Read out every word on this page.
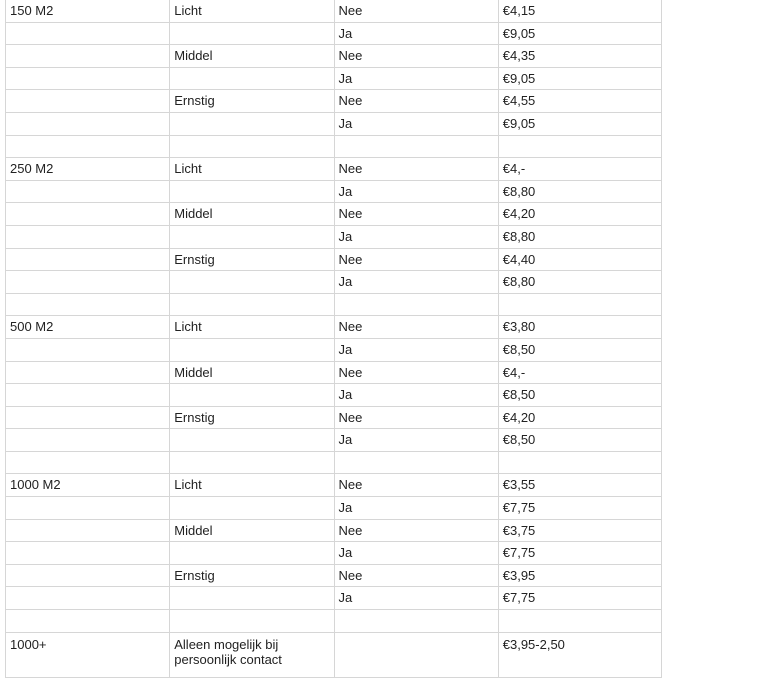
150 M2	Licht	Nee	€4,15
		Ja	€9,05
	Middel	Nee	€4,35
		Ja	€9,05
	Ernstig	Nee	€4,55
		Ja	€9,05

250 M2	Licht	Nee	€4,-
		Ja	€8,80
	Middel	Nee	€4,20
		Ja	€8,80
	Ernstig	Nee	€4,40
		Ja	€8,80

500 M2	Licht	Nee	€3,80
		Ja	€8,50
	Middel	Nee	€4,-
		Ja	€8,50
	Ernstig	Nee	€4,20
		Ja	€8,50

1000 M2	Licht	Nee	€3,55
		Ja	€7,75
	Middel	Nee	€3,75
		Ja	€7,75
	Ernstig	Nee	€3,95
		Ja	€7,75

1000+	Alleen mogelijk bij persoonlijk contact		€3,95-2,50
